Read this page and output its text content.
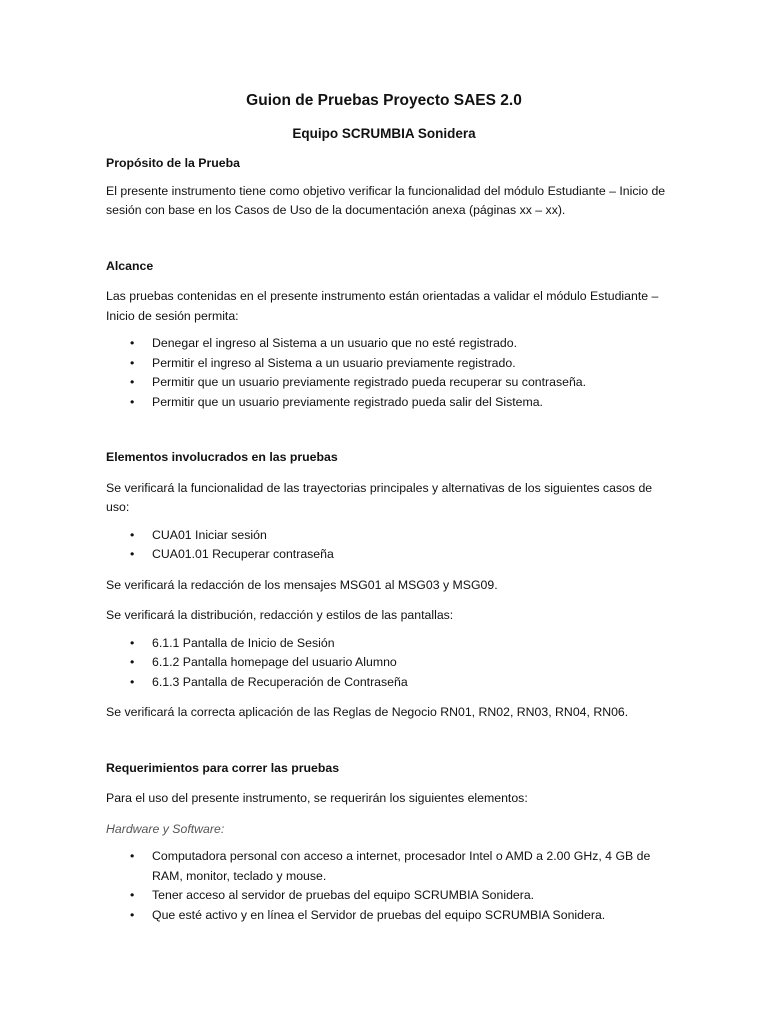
Guion de Pruebas Proyecto SAES 2.0
Equipo SCRUMBIA Sonidera

Propósito de la Prueba

El presente instrumento tiene como objetivo verificar la funcionalidad del módulo Estudiante – Inicio de sesión con base en los Casos de Uso de la documentación anexa (páginas xx – xx).

Alcance

Las pruebas contenidas en el presente instrumento están orientadas a validar el módulo Estudiante – Inicio de sesión permita:

• Denegar el ingreso al Sistema a un usuario que no esté registrado.
• Permitir el ingreso al Sistema a un usuario previamente registrado.
• Permitir que un usuario previamente registrado pueda recuperar su contraseña.
• Permitir que un usuario previamente registrado pueda salir del Sistema.

Elementos involucrados en las pruebas

Se verificará la funcionalidad de las trayectorias principales y alternativas de los siguientes casos de uso:

• CUA01 Iniciar sesión
• CUA01.01 Recuperar contraseña

Se verificará la redacción de los mensajes MSG01 al MSG03 y MSG09.

Se verificará la distribución, redacción y estilos de las pantallas:

• 6.1.1 Pantalla de Inicio de Sesión
• 6.1.2 Pantalla homepage del usuario Alumno
• 6.1.3 Pantalla de Recuperación de Contraseña

Se verificará la correcta aplicación de las Reglas de Negocio RN01, RN02, RN03, RN04, RN06.

Requerimientos para correr las pruebas

Para el uso del presente instrumento, se requerirán los siguientes elementos:

Hardware y Software:

• Computadora personal con acceso a internet, procesador Intel o AMD a 2.00 GHz, 4 GB de RAM, monitor, teclado y mouse.
• Tener acceso al servidor de pruebas del equipo SCRUMBIA Sonidera.
• Que esté activo y en línea el Servidor de pruebas del equipo SCRUMBIA Sonidera.
